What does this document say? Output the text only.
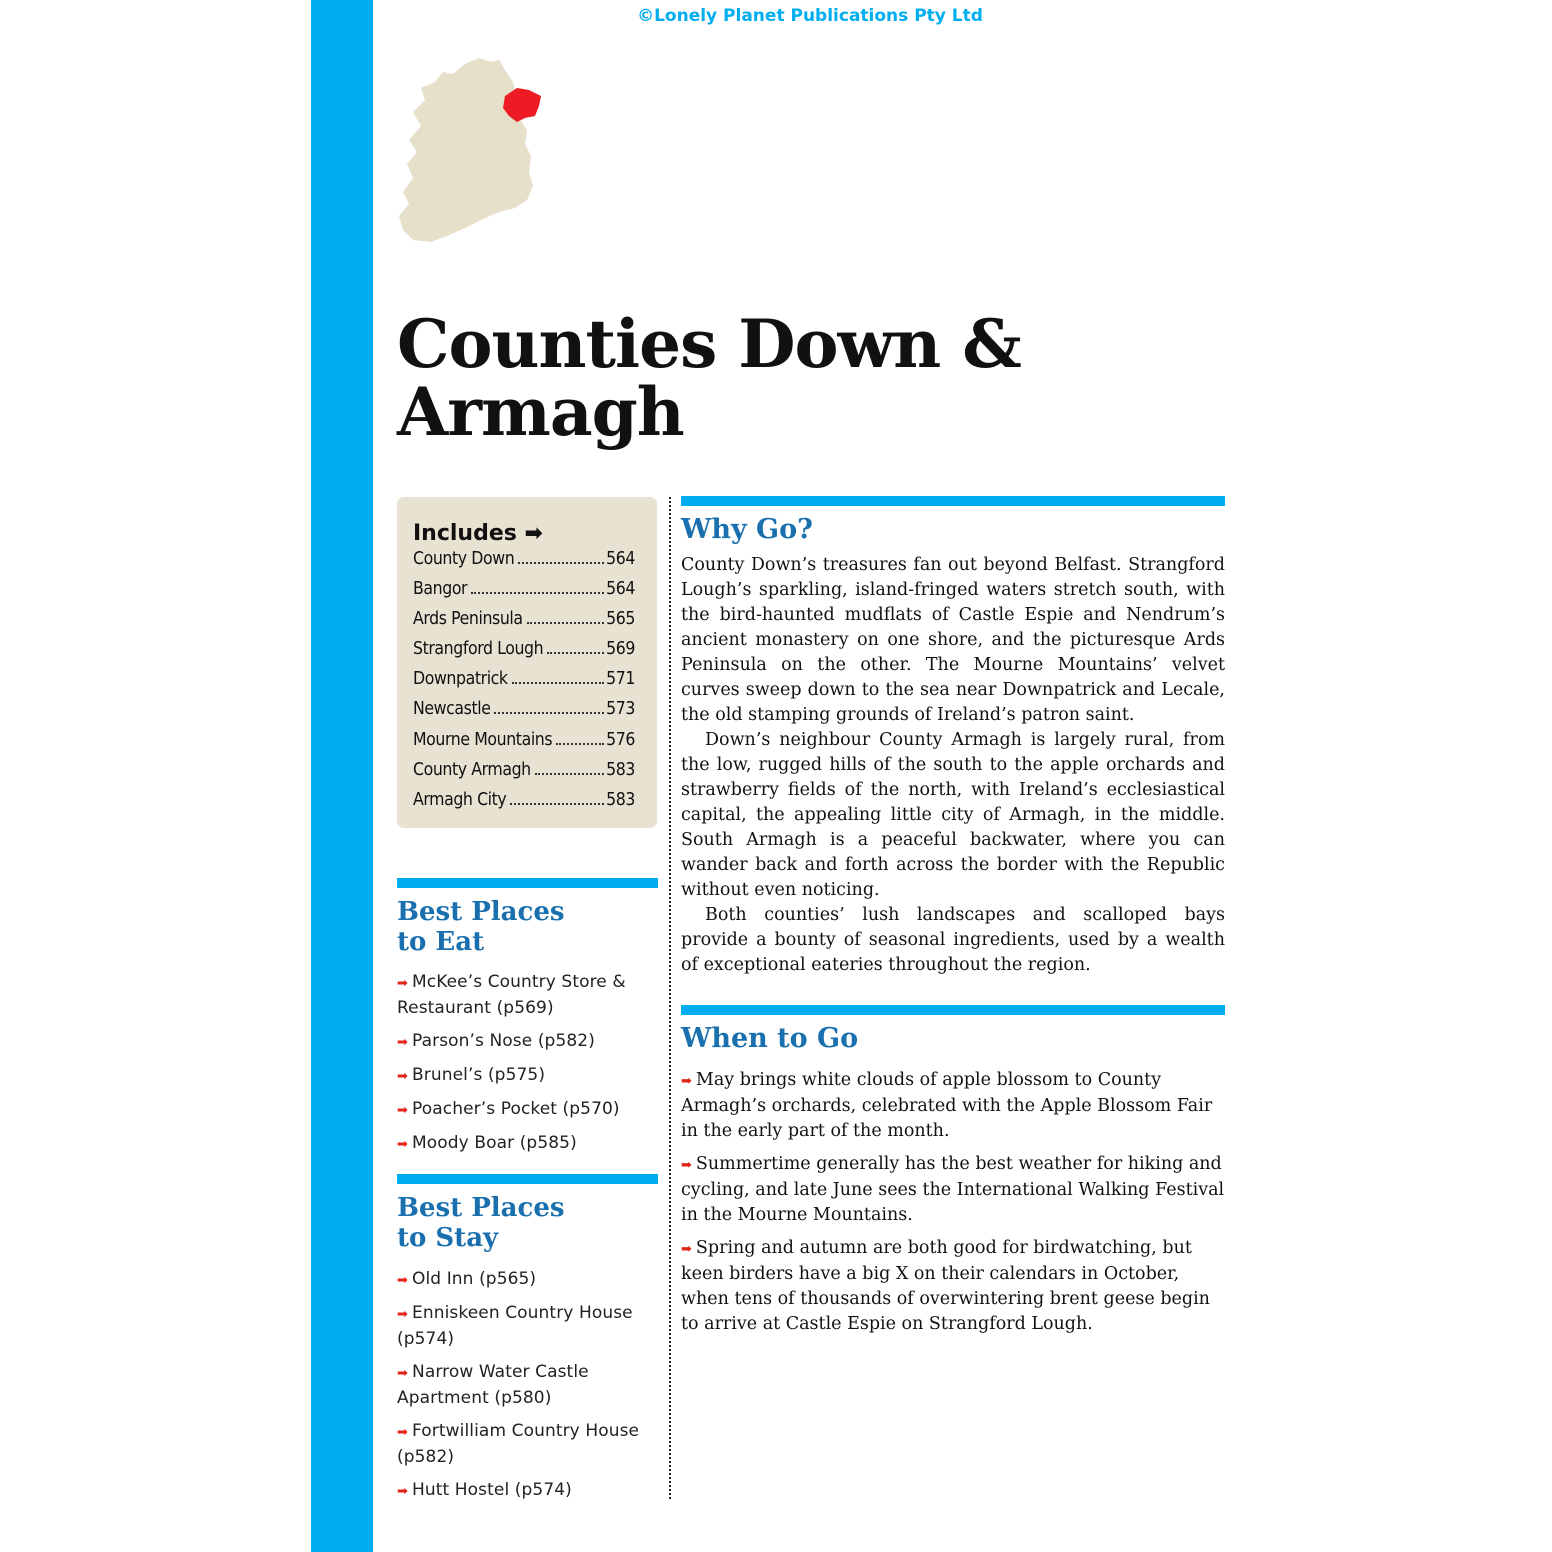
©Lonely Planet Publications Pty Ltd
Counties Down &
Armagh
Includes ➡
County Down	564
Bangor	564
Ards Peninsula	565
Strangford Lough	569
Downpatrick	571
Newcastle	573
Mourne Mountains	576
County Armagh	583
Armagh City	583
Best Places
to Eat
➡ McKee’s Country Store & Restaurant (p569)
➡ Parson’s Nose (p582)
➡ Brunel’s (p575)
➡ Poacher’s Pocket (p570)
➡ Moody Boar (p585)
Best Places
to Stay
➡ Old Inn (p565)
➡ Enniskeen Country House (p574)
➡ Narrow Water Castle Apartment (p580)
➡ Fortwilliam Country House (p582)
➡ Hutt Hostel (p574)
Why Go?

County Down’s treasures fan out beyond Belfast. Strangford Lough’s sparkling, island-fringed waters stretch south, with the bird-haunted mudflats of Castle Espie and Nendrum’s ancient monastery on one shore, and the picturesque Ards Peninsula on the other. The Mourne Mountains’ velvet curves sweep down to the sea near Downpatrick and Lecale, the old stamping grounds of Ireland’s patron saint.

Down’s neighbour County Armagh is largely rural, from the low, rugged hills of the south to the apple orchards and strawberry fields of the north, with Ireland’s ecclesiastical capital, the appealing little city of Armagh, in the middle. South Armagh is a peaceful backwater, where you can wander back and forth across the border with the Republic without even noticing.

Both counties’ lush landscapes and scalloped bays provide a bounty of seasonal ingredients, used by a wealth of exceptional eateries throughout the region.

When to Go
➡ May brings white clouds of apple blossom to County Armagh’s orchards, celebrated with the Apple Blossom Fair in the early part of the month.
➡ Summertime generally has the best weather for hiking and cycling, and late June sees the International Walking Festival in the Mourne Mountains.
➡ Spring and autumn are both good for birdwatching, but keen birders have a big X on their calendars in October, when tens of thousands of overwintering brent geese begin to arrive at Castle Espie on Strangford Lough.
